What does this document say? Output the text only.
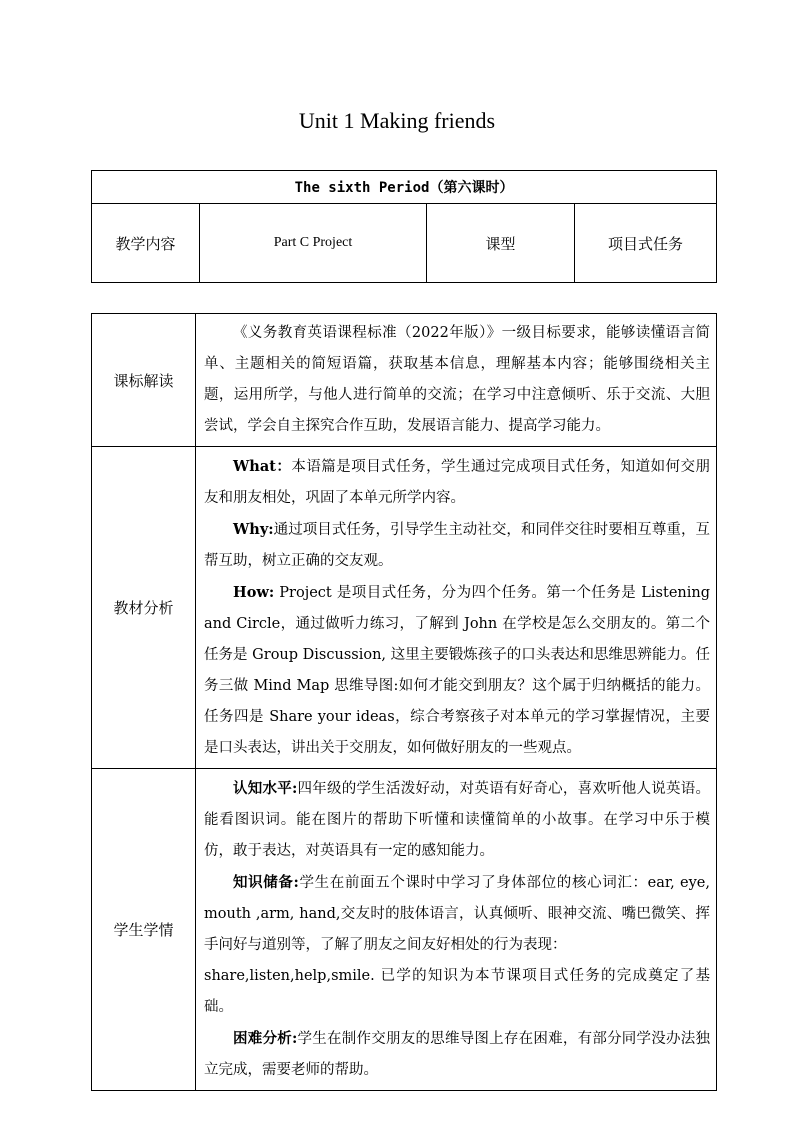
Unit 1 Making friends
The sixth Period（第六课时）
教学内容	Part C Project	课型	项目式任务
课标解读	《义务教育英语课程标准（2022年版）》一级目标要求，能够读懂语言简单、主题相关的简短语篇，获取基本信息，理解基本内容；能够围绕相关主题，运用所学，与他人进行简单的交流；在学习中注意倾听、乐于交流、大胆尝试，学会自主探究合作互助，发展语言能力、提高学习能力。

教材分析	What：本语篇是项目式任务，学生通过完成项目式任务，知道如何交朋友和朋友相处，巩固了本单元所学内容。

Why:通过项目式任务，引导学生主动社交，和同伴交往时要相互尊重，互帮互助，树立正确的交友观。

How: Project 是项目式任务，分为四个任务。第一个任务是 Listening and Circle，通过做听力练习，了解到 John 在学校是怎么交朋友的。第二个任务是 Group Discussion, 这里主要锻炼孩子的口头表达和思维思辨能力。任务三做 Mind Map 思维导图:如何才能交到朋友？这个属于归纳概括的能力。任务四是 Share your ideas，综合考察孩子对本单元的学习掌握情况，主要是口头表达，讲出关于交朋友，如何做好朋友的一些观点。

学生学情	认知水平:四年级的学生活泼好动，对英语有好奇心，喜欢听他人说英语。能看图识词。能在图片的帮助下听懂和读懂简单的小故事。在学习中乐于模仿，敢于表达，对英语具有一定的感知能力。

知识储备:学生在前面五个课时中学习了身体部位的核心词汇：ear, eye, mouth ,arm, hand,交友时的肢体语言，认真倾听、眼神交流、嘴巴微笑、挥手问好与道别等，了解了朋友之间友好相处的行为表现：

share,listen,help,smile. 已学的知识为本节课项目式任务的完成奠定了基础。

困难分析:学生在制作交朋友的思维导图上存在困难，有部分同学没办法独立完成，需要老师的帮助。
